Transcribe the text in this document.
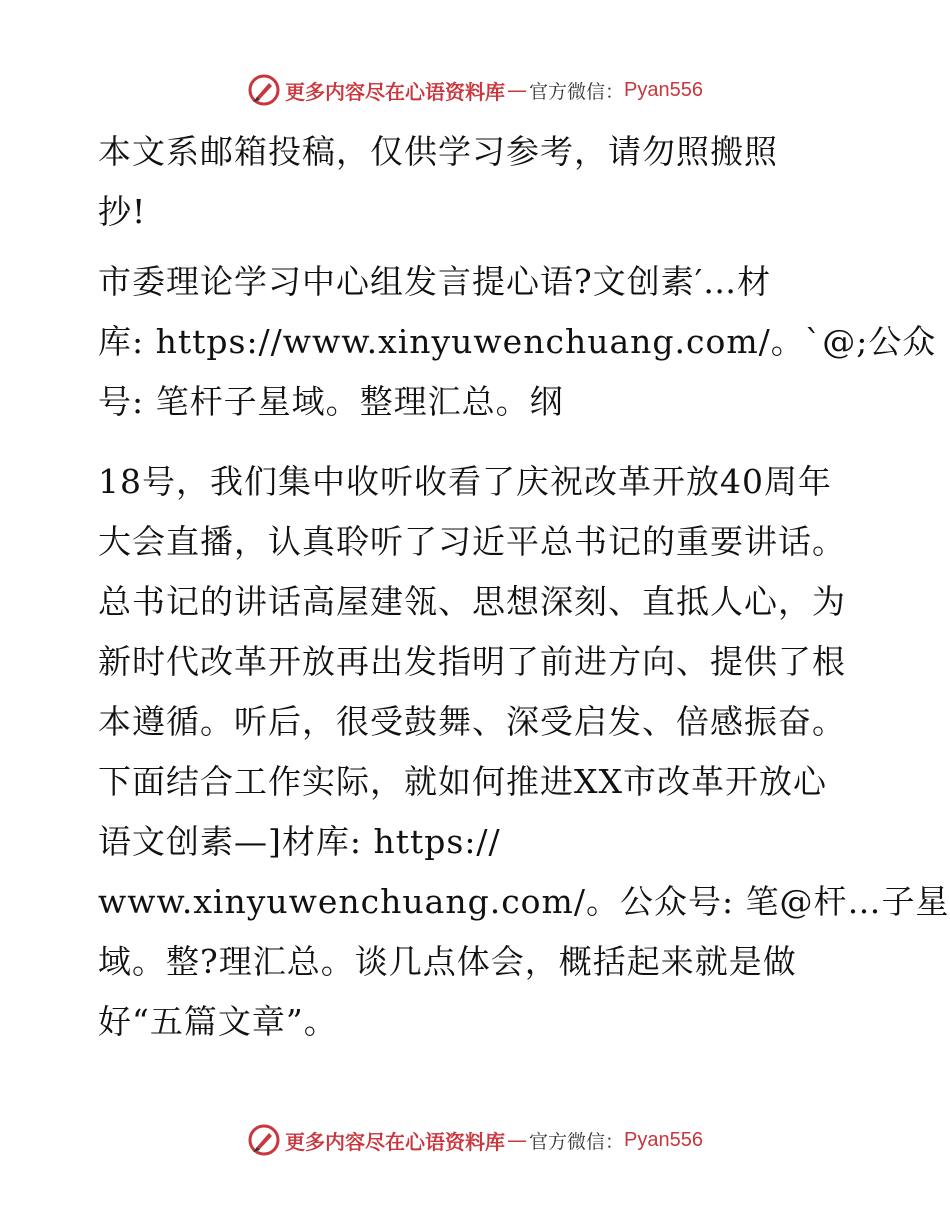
更多内容尽在心语资料库 — 官方微信： Pyan556

本文系邮箱投稿，仅供学习参考，请勿照搬照
抄!

市委理论学习中心组发言提心语?文创素′…材
库: https://www.xinyuwenchuang.com/。`@;公众
号: 笔杆子星域。整理汇总。纲

18号，我们集中收听收看了庆祝改革开放40周年
大会直播，认真聆听了习近平总书记的重要讲话。
总书记的讲话高屋建瓴、思想深刻、直抵人心，为
新时代改革开放再出发指明了前进方向、提供了根
本遵循。听后，很受鼓舞、深受启发、倍感振奋。
下面结合工作实际，就如何推进XX市改革开放心
语文创素—]材库: https://
www.xinyuwenchuang.com/。公众号: 笔@杆…子星
域。整?理汇总。谈几点体会，概括起来就是做
好“五篇文章”。

更多内容尽在心语资料库 — 官方微信： Pyan556
